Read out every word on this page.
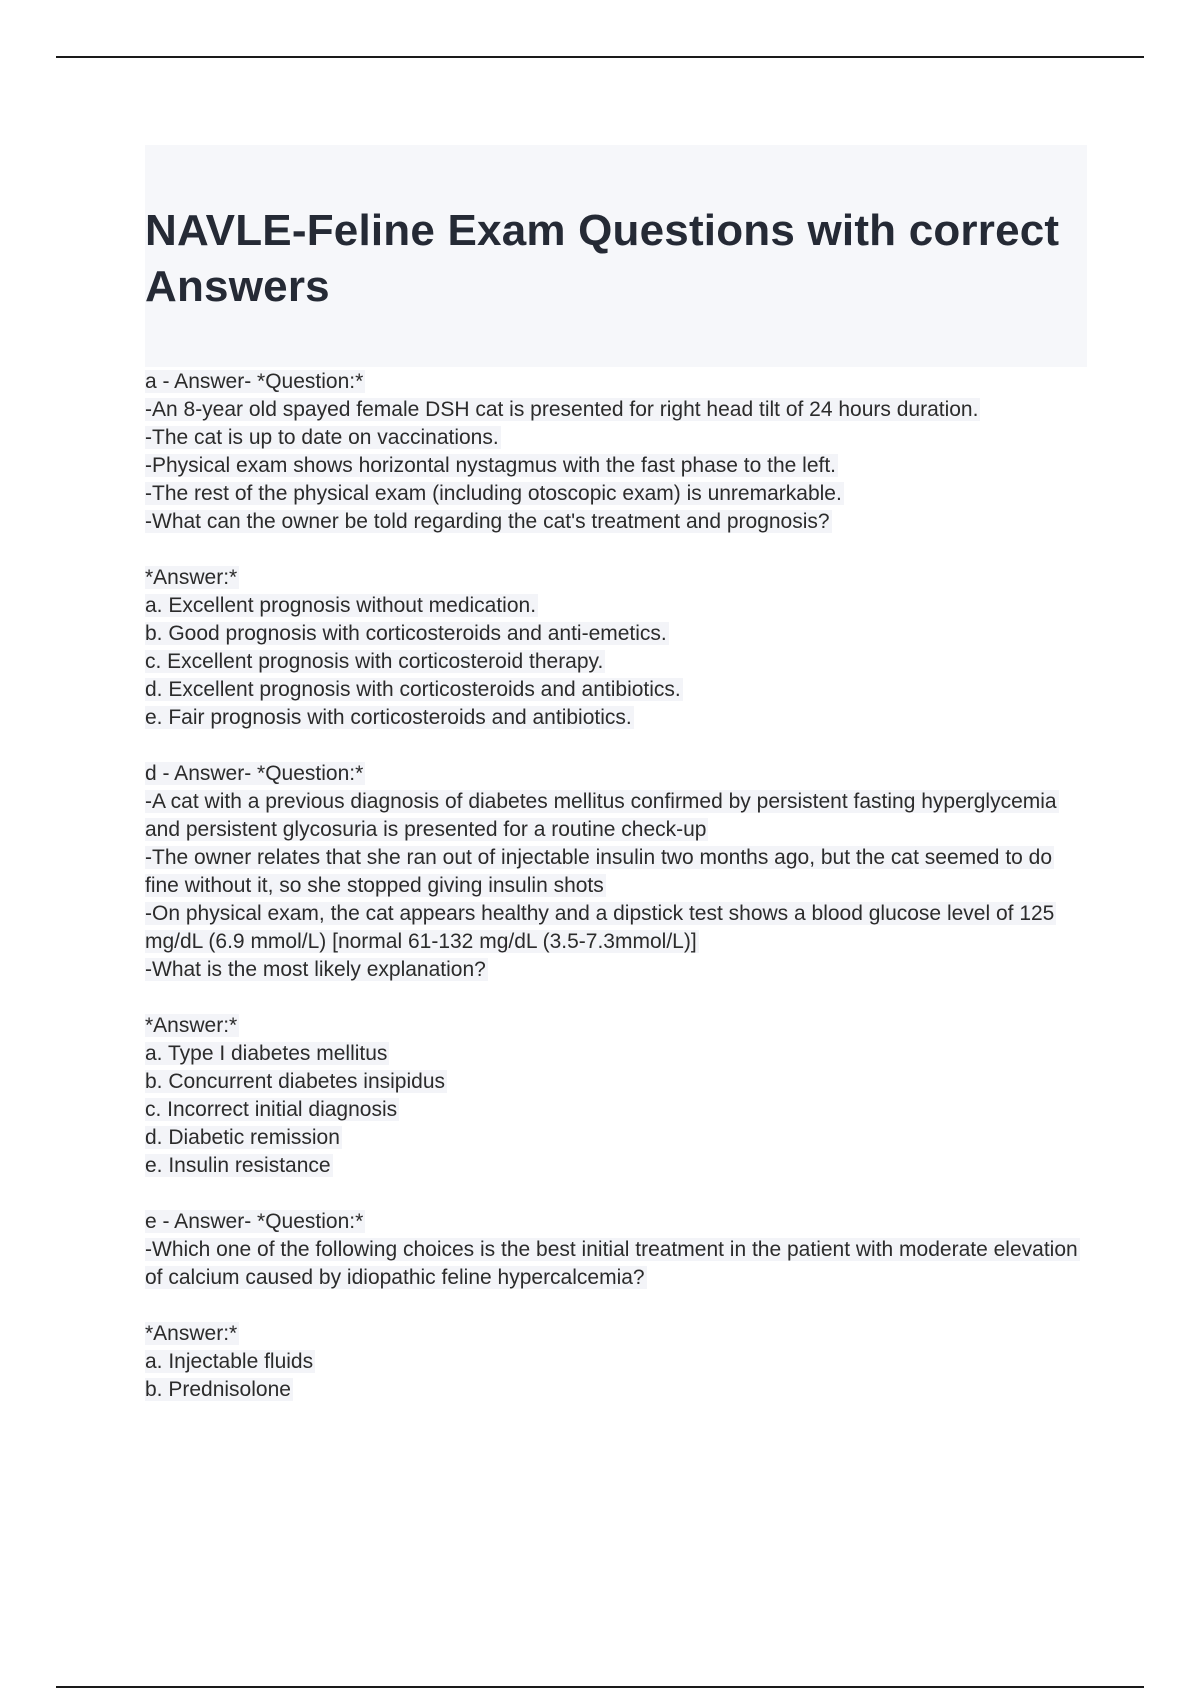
NAVLE-Feline Exam Questions with correct Answers
a - Answer- *Question:*
-An 8-year old spayed female DSH cat is presented for right head tilt of 24 hours duration.
-The cat is up to date on vaccinations.
-Physical exam shows horizontal nystagmus with the fast phase to the left.
-The rest of the physical exam (including otoscopic exam) is unremarkable.
-What can the owner be told regarding the cat's treatment and prognosis?
*Answer:*
a. Excellent prognosis without medication.
b. Good prognosis with corticosteroids and anti-emetics.
c. Excellent prognosis with corticosteroid therapy.
d. Excellent prognosis with corticosteroids and antibiotics.
e. Fair prognosis with corticosteroids and antibiotics.
d - Answer- *Question:*
-A cat with a previous diagnosis of diabetes mellitus confirmed by persistent fasting hyperglycemia and persistent glycosuria is presented for a routine check-up
-The owner relates that she ran out of injectable insulin two months ago, but the cat seemed to do fine without it, so she stopped giving insulin shots
-On physical exam, the cat appears healthy and a dipstick test shows a blood glucose level of 125 mg/dL (6.9 mmol/L) [normal 61-132 mg/dL (3.5-7.3mmol/L)]
-What is the most likely explanation?
*Answer:*
a. Type I diabetes mellitus
b. Concurrent diabetes insipidus
c. Incorrect initial diagnosis
d. Diabetic remission
e. Insulin resistance
e - Answer- *Question:*
-Which one of the following choices is the best initial treatment in the patient with moderate elevation of calcium caused by idiopathic feline hypercalcemia?
*Answer:*
a. Injectable fluids
b. Prednisolone
